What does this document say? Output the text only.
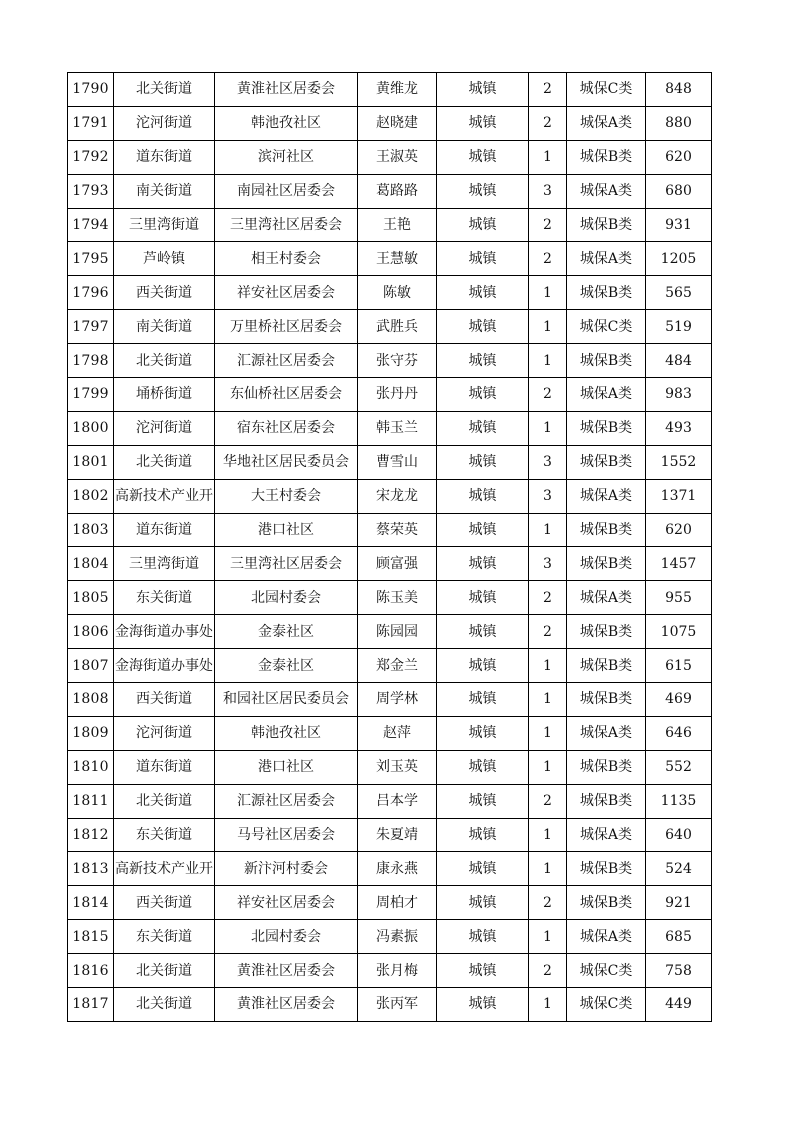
1790	北关街道	黄淮社区居委会	黄维龙	城镇	2	城保C类	848
1791	沱河街道	韩池孜社区	赵晓建	城镇	2	城保A类	880
1792	道东街道	滨河社区	王淑英	城镇	1	城保B类	620
1793	南关街道	南园社区居委会	葛路路	城镇	3	城保A类	680
1794	三里湾街道	三里湾社区居委会	王艳	城镇	2	城保B类	931
1795	芦岭镇	相王村委会	王慧敏	城镇	2	城保A类	1205
1796	西关街道	祥安社区居委会	陈敏	城镇	1	城保B类	565
1797	南关街道	万里桥社区居委会	武胜兵	城镇	1	城保C类	519
1798	北关街道	汇源社区居委会	张守芬	城镇	1	城保B类	484
1799	埇桥街道	东仙桥社区居委会	张丹丹	城镇	2	城保A类	983
1800	沱河街道	宿东社区居委会	韩玉兰	城镇	1	城保B类	493
1801	北关街道	华地社区居民委员会	曹雪山	城镇	3	城保B类	1552
1802	高新技术产业开	大王村委会	宋龙龙	城镇	3	城保A类	1371
1803	道东街道	港口社区	蔡荣英	城镇	1	城保B类	620
1804	三里湾街道	三里湾社区居委会	顾富强	城镇	3	城保B类	1457
1805	东关街道	北园村委会	陈玉美	城镇	2	城保A类	955
1806	金海街道办事处	金泰社区	陈园园	城镇	2	城保B类	1075
1807	金海街道办事处	金泰社区	郑金兰	城镇	1	城保B类	615
1808	西关街道	和园社区居民委员会	周学林	城镇	1	城保B类	469
1809	沱河街道	韩池孜社区	赵萍	城镇	1	城保A类	646
1810	道东街道	港口社区	刘玉英	城镇	1	城保B类	552
1811	北关街道	汇源社区居委会	吕本学	城镇	2	城保B类	1135
1812	东关街道	马号社区居委会	朱夏靖	城镇	1	城保A类	640
1813	高新技术产业开	新汴河村委会	康永燕	城镇	1	城保B类	524
1814	西关街道	祥安社区居委会	周柏才	城镇	2	城保B类	921
1815	东关街道	北园村委会	冯素振	城镇	1	城保A类	685
1816	北关街道	黄淮社区居委会	张月梅	城镇	2	城保C类	758
1817	北关街道	黄淮社区居委会	张丙军	城镇	1	城保C类	449
